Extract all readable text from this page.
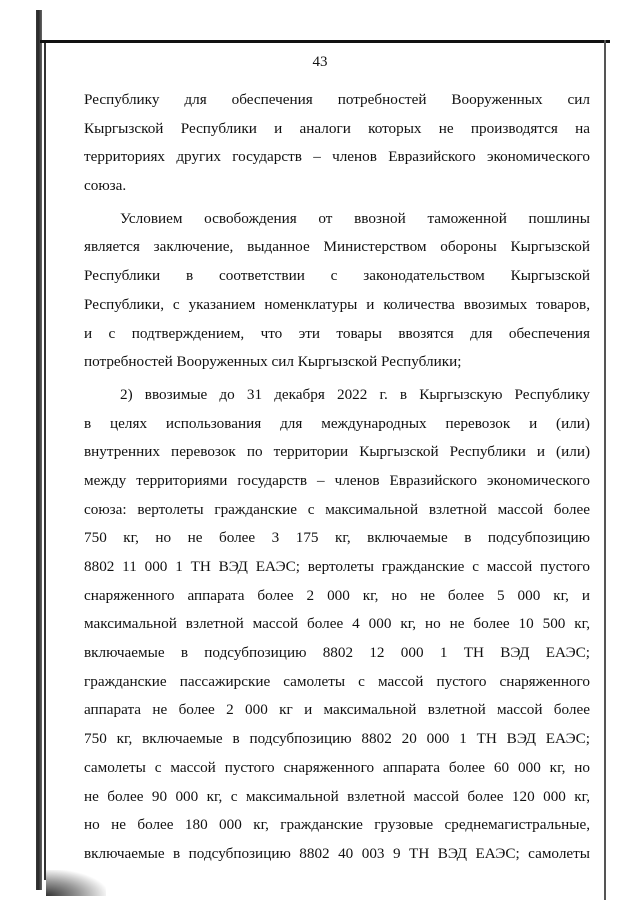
43
Республику для обеспечения потребностей Вооруженных сил
Кыргызской Республики и аналоги которых не производятся на
территориях других государств – членов Евразийского экономического
союза.
Условием освобождения от ввозной таможенной пошлины
является заключение, выданное Министерством обороны Кыргызской
Республики в соответствии с законодательством Кыргызской
Республики, с указанием номенклатуры и количества ввозимых товаров,
и с подтверждением, что эти товары ввозятся для обеспечения
потребностей Вооруженных сил Кыргызской Республики;
2) ввозимые до 31 декабря 2022 г. в Кыргызскую Республику
в целях использования для международных перевозок и (или)
внутренних перевозок по территории Кыргызской Республики и (или)
между территориями государств – членов Евразийского экономического
союза: вертолеты гражданские с максимальной взлетной массой более
750 кг, но не более 3 175 кг, включаемые в подсубпозицию
8802 11 000 1 ТН ВЭД ЕАЭС; вертолеты гражданские с массой пустого
снаряженного аппарата более 2 000 кг, но не более 5 000 кг, и
максимальной взлетной массой более 4 000 кг, но не более 10 500 кг,
включаемые в подсубпозицию 8802 12 000 1 ТН ВЭД ЕАЭС;
гражданские пассажирские самолеты с массой пустого снаряженного
аппарата не более 2 000 кг и максимальной взлетной массой более
750 кг, включаемые в подсубпозицию 8802 20 000 1 ТН ВЭД ЕАЭС;
самолеты с массой пустого снаряженного аппарата более 60 000 кг, но
не более 90 000 кг, с максимальной взлетной массой более 120 000 кг,
но не более 180 000 кг, гражданские грузовые среднемагистральные,
включаемые в подсубпозицию 8802 40 003 9 ТН ВЭД ЕАЭС; самолеты
